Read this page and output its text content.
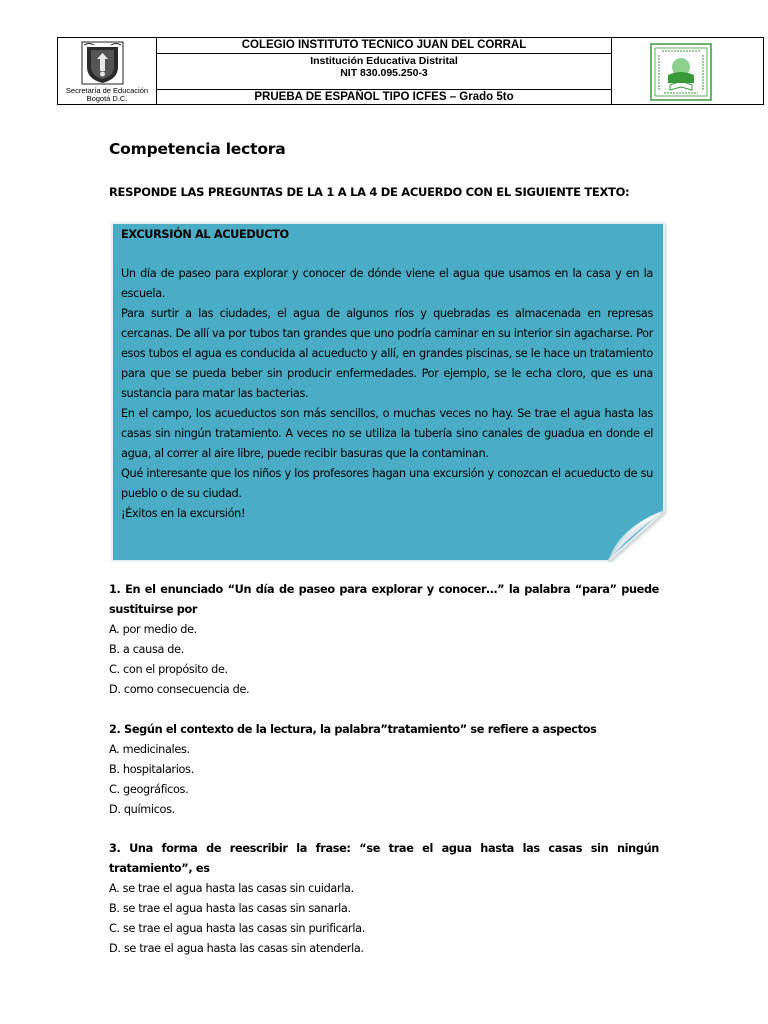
Secretaría de Educación
Bogotá D.C.
COLEGIO INSTITUTO TECNICO JUAN DEL CORRAL
Institución Educativa Distrital
NIT 830.095.250-3
PRUEBA DE ESPAÑOL TIPO ICFES – Grado 5to
Competencia lectora
RESPONDE LAS PREGUNTAS DE LA 1 A LA 4 DE ACUERDO CON EL SIGUIENTE TEXTO:

EXCURSIÓN AL ACUEDUCTO

Un día de paseo para explorar y conocer de dónde viene el agua que usamos en la casa y en la escuela.

Para surtir a las ciudades, el agua de algunos ríos y quebradas es almacenada en represas cercanas. De allí va por tubos tan grandes que uno podría caminar en su interior sin agacharse. Por esos tubos el agua es conducida al acueducto y allí, en grandes piscinas, se le hace un tratamiento para que se pueda beber sin producir enfermedades. Por ejemplo, se le echa cloro, que es una sustancia para matar las bacterias.

En el campo, los acueductos son más sencillos, o muchas veces no hay. Se trae el agua hasta las casas sin ningún tratamiento. A veces no se utiliza la tubería sino canales de guadua en donde el agua, al correr al aire libre, puede recibir basuras que la contaminan.

Qué interesante que los niños y los profesores hagan una excursión y conozcan el acueducto de su pueblo o de su ciudad.

¡Éxitos en la excursión!

1. En el enunciado “Un día de paseo para explorar y conocer…” la palabra “para” puede sustituirse por
A. por medio de.
B. a causa de.
C. con el propósito de.
D. como consecuencia de.
2. Según el contexto de la lectura, la palabra”tratamiento” se refiere a aspectos
A. medicinales.
B. hospitalarios.
C. geográficos.
D. químicos.
3. Una forma de reescribir la frase: “se trae el agua hasta las casas sin ningún tratamiento”, es
A. se trae el agua hasta las casas sin cuidarla.
B. se trae el agua hasta las casas sin sanarla.
C. se trae el agua hasta las casas sin purificarla.
D. se trae el agua hasta las casas sin atenderla.
